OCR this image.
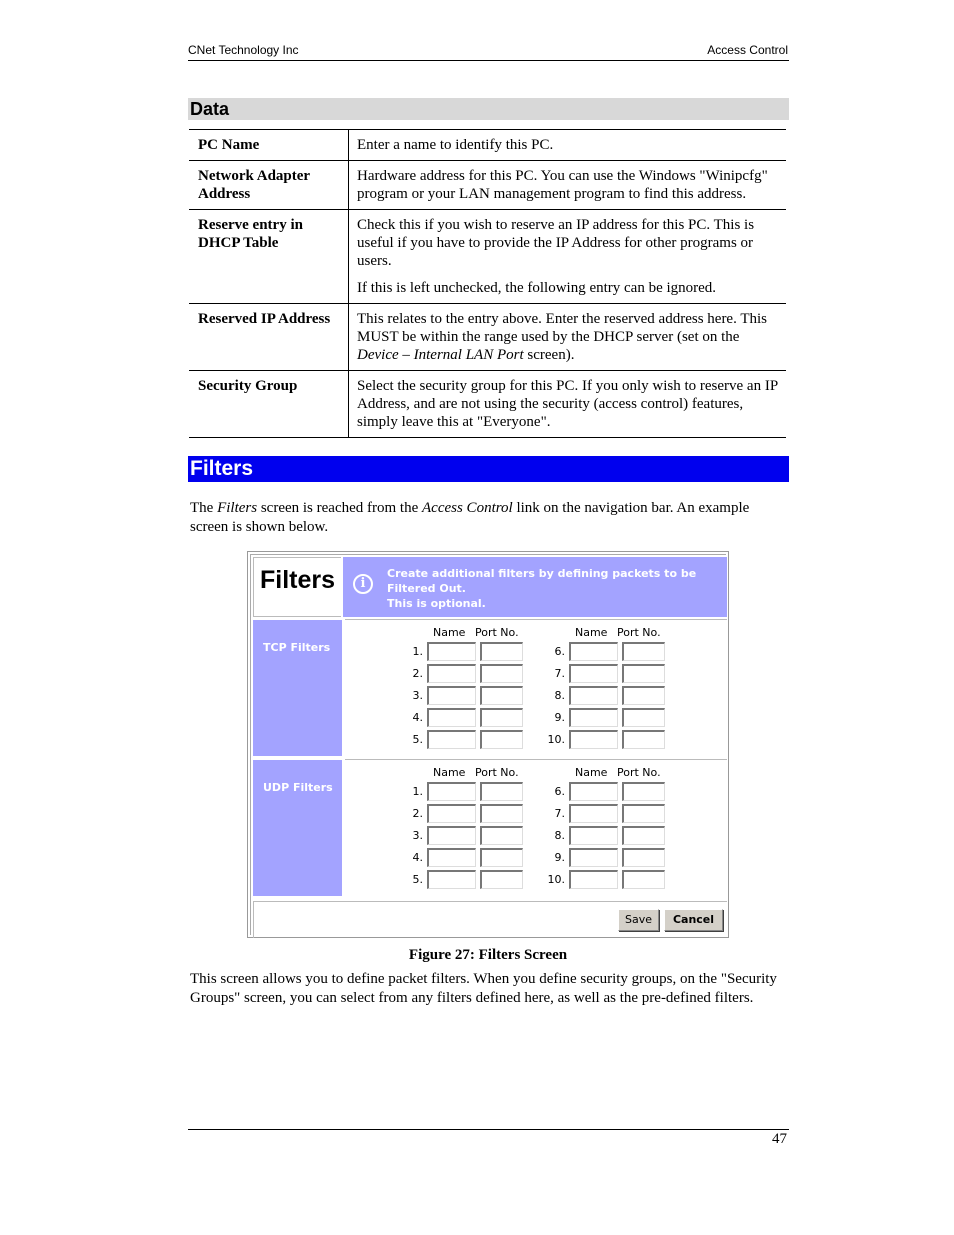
CNet Technology Inc	Access Control
Data
PC Name	Enter a name to identify this PC.

Network Adapter Address	Hardware address for this PC. You can use the Windows "Winipcfg" program or your LAN management program to find this address.

Reserve entry in DHCP Table	Check this if you wish to reserve an IP address for this PC. This is useful if you have to provide the IP Address for other programs or users.

If this is left unchecked, the following entry can be ignored.

Reserved IP Address	This relates to the entry above. Enter the reserved address here. This MUST be within the range used by the DHCP server (set on the Device – Internal LAN Port screen).

Security Group	Select the security group for this PC. If you only wish to reserve an IP Address, and are not using the security (access control) features, simply leave this at "Everyone".

Filters
The Filters screen is reached from the Access Control link on the navigation bar. An example screen is shown below.
Filters	i
Create additional filters by defining packets to be
Filtered Out.
This is optional.
TCP Filters
Name Port No.
1.
2.
3.
4.
5.
Name Port No.
6.
7.
8.
9.
10.
UDP Filters
Name Port No.
1.
2.
3.
4.
5.
Name Port No.
6.
7.
8.
9.
10.
Save	Cancel
Figure 27: Filters Screen
This screen allows you to define packet filters. When you define security groups, on the "Security Groups" screen, you can select from any filters defined here, as well as the pre-defined filters.
47
